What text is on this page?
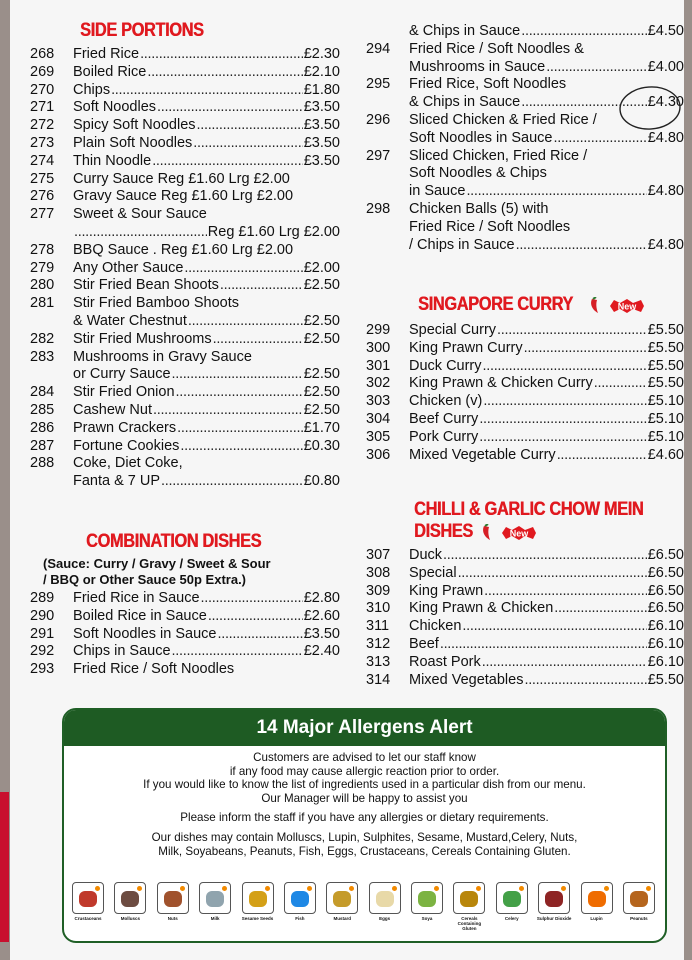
SIDE PORTIONS
268	Fried Rice .....	£2.30
269	Boiled Rice .....	£2.10
270	Chips .....	£1.80
271	Soft Noodles .....	£3.50
272	Spicy Soft Noodles .....	£3.50
273	Plain Soft Noodles .....	£3.50
274	Thin Noodle .....	£3.50
275	Curry Sauce Reg £1.60 Lrg £2.00
276	Gravy Sauce Reg £1.60 Lrg £2.00
277	Sweet & Sour Sauce
.....
Reg £1.60 Lrg £2.00
278	BBQ Sauce . Reg £1.60 Lrg £2.00
279	Any Other Sauce .....	£2.00
280	Stir Fried Bean Shoots .....	£2.50
281	Stir Fried Bamboo Shoots
& Water Chestnut .....	£2.50
282	Stir Fried Mushrooms .....	£2.50
283	Mushrooms in Gravy Sauce
or Curry Sauce .....	£2.50
284	Stir Fried Onion .....	£2.50
285	Cashew Nut .....	£2.50
286	Prawn Crackers .....	£1.70
287	Fortune Cookies .....	£0.30
288	Coke, Diet Coke,
Fanta & 7 UP .....	£0.80
COMBINATION DISHES
(Sauce: Curry / Gravy / Sweet & Sour
/ BBQ or Other Sauce 50p Extra.)
289	Fried Rice in Sauce .....	£2.80
290	Boiled Rice in Sauce .....	£2.60
291	Soft Noodles in Sauce .....	£3.50
292	Chips in Sauce .....	£2.40
293	Fried Rice / Soft Noodles
& Chips in Sauce .....	£4.50
294	Fried Rice / Soft Noodles &
Mushrooms in Sauce .....	£4.00
295	Fried Rice, Soft Noodles
& Chips in Sauce .....	£4.30
296	Sliced Chicken & Fried Rice /
Soft Noodles in Sauce .....	£4.80
297	Sliced Chicken, Fried Rice /
Soft Noodles & Chips
in Sauce .....	£4.80
298	Chicken Balls (5) with
Fried Rice / Soft Noodles
/ Chips in Sauce .....	£4.80
SINGAPORE CURRY	New
299	Special Curry .....	£5.50
300	King Prawn Curry .....	£5.50
301	Duck Curry .....	£5.50
302	King Prawn & Chicken Curry .....	£5.50
303	Chicken (v) .....	£5.10
304	Beef Curry .....	£5.10
305	Pork Curry .....	£5.10
306	Mixed Vegetable Curry .....	£4.60
CHILLI & GARLIC CHOW MEIN
DISHES	New
307	Duck .....	£6.50
308	Special .....	£6.50
309	King Prawn .....	£6.50
310	King Prawn & Chicken .....	£6.50
311	Chicken .....	£6.10
312	Beef .....	£6.10
313	Roast Pork .....	£6.10
314	Mixed Vegetables .....	£5.50
14 Major Allergens Alert

Customers are advised to let our staff know

if any food may cause allergic reaction prior to order.

If you would like to know the list of ingredients used in a particular dish from our menu.

Our Manager will be happy to assist you

Please inform the staff if you have any allergies or dietary requirements.

Our dishes may contain Molluscs, Lupin, Sulphites, Sesame, Mustard,Celery, Nuts,

Milk, Soyabeans, Peanuts, Fish, Eggs, Crustaceans, Cereals Containing Gluten.

Crustaceans	Molluscs	Nuts	Milk	Sesame Seeds	Fish	Mustard	Eggs	Soya	Cereals Containing Gluten
Celery	Sulphur Dioxide	Lupin	Peanuts
